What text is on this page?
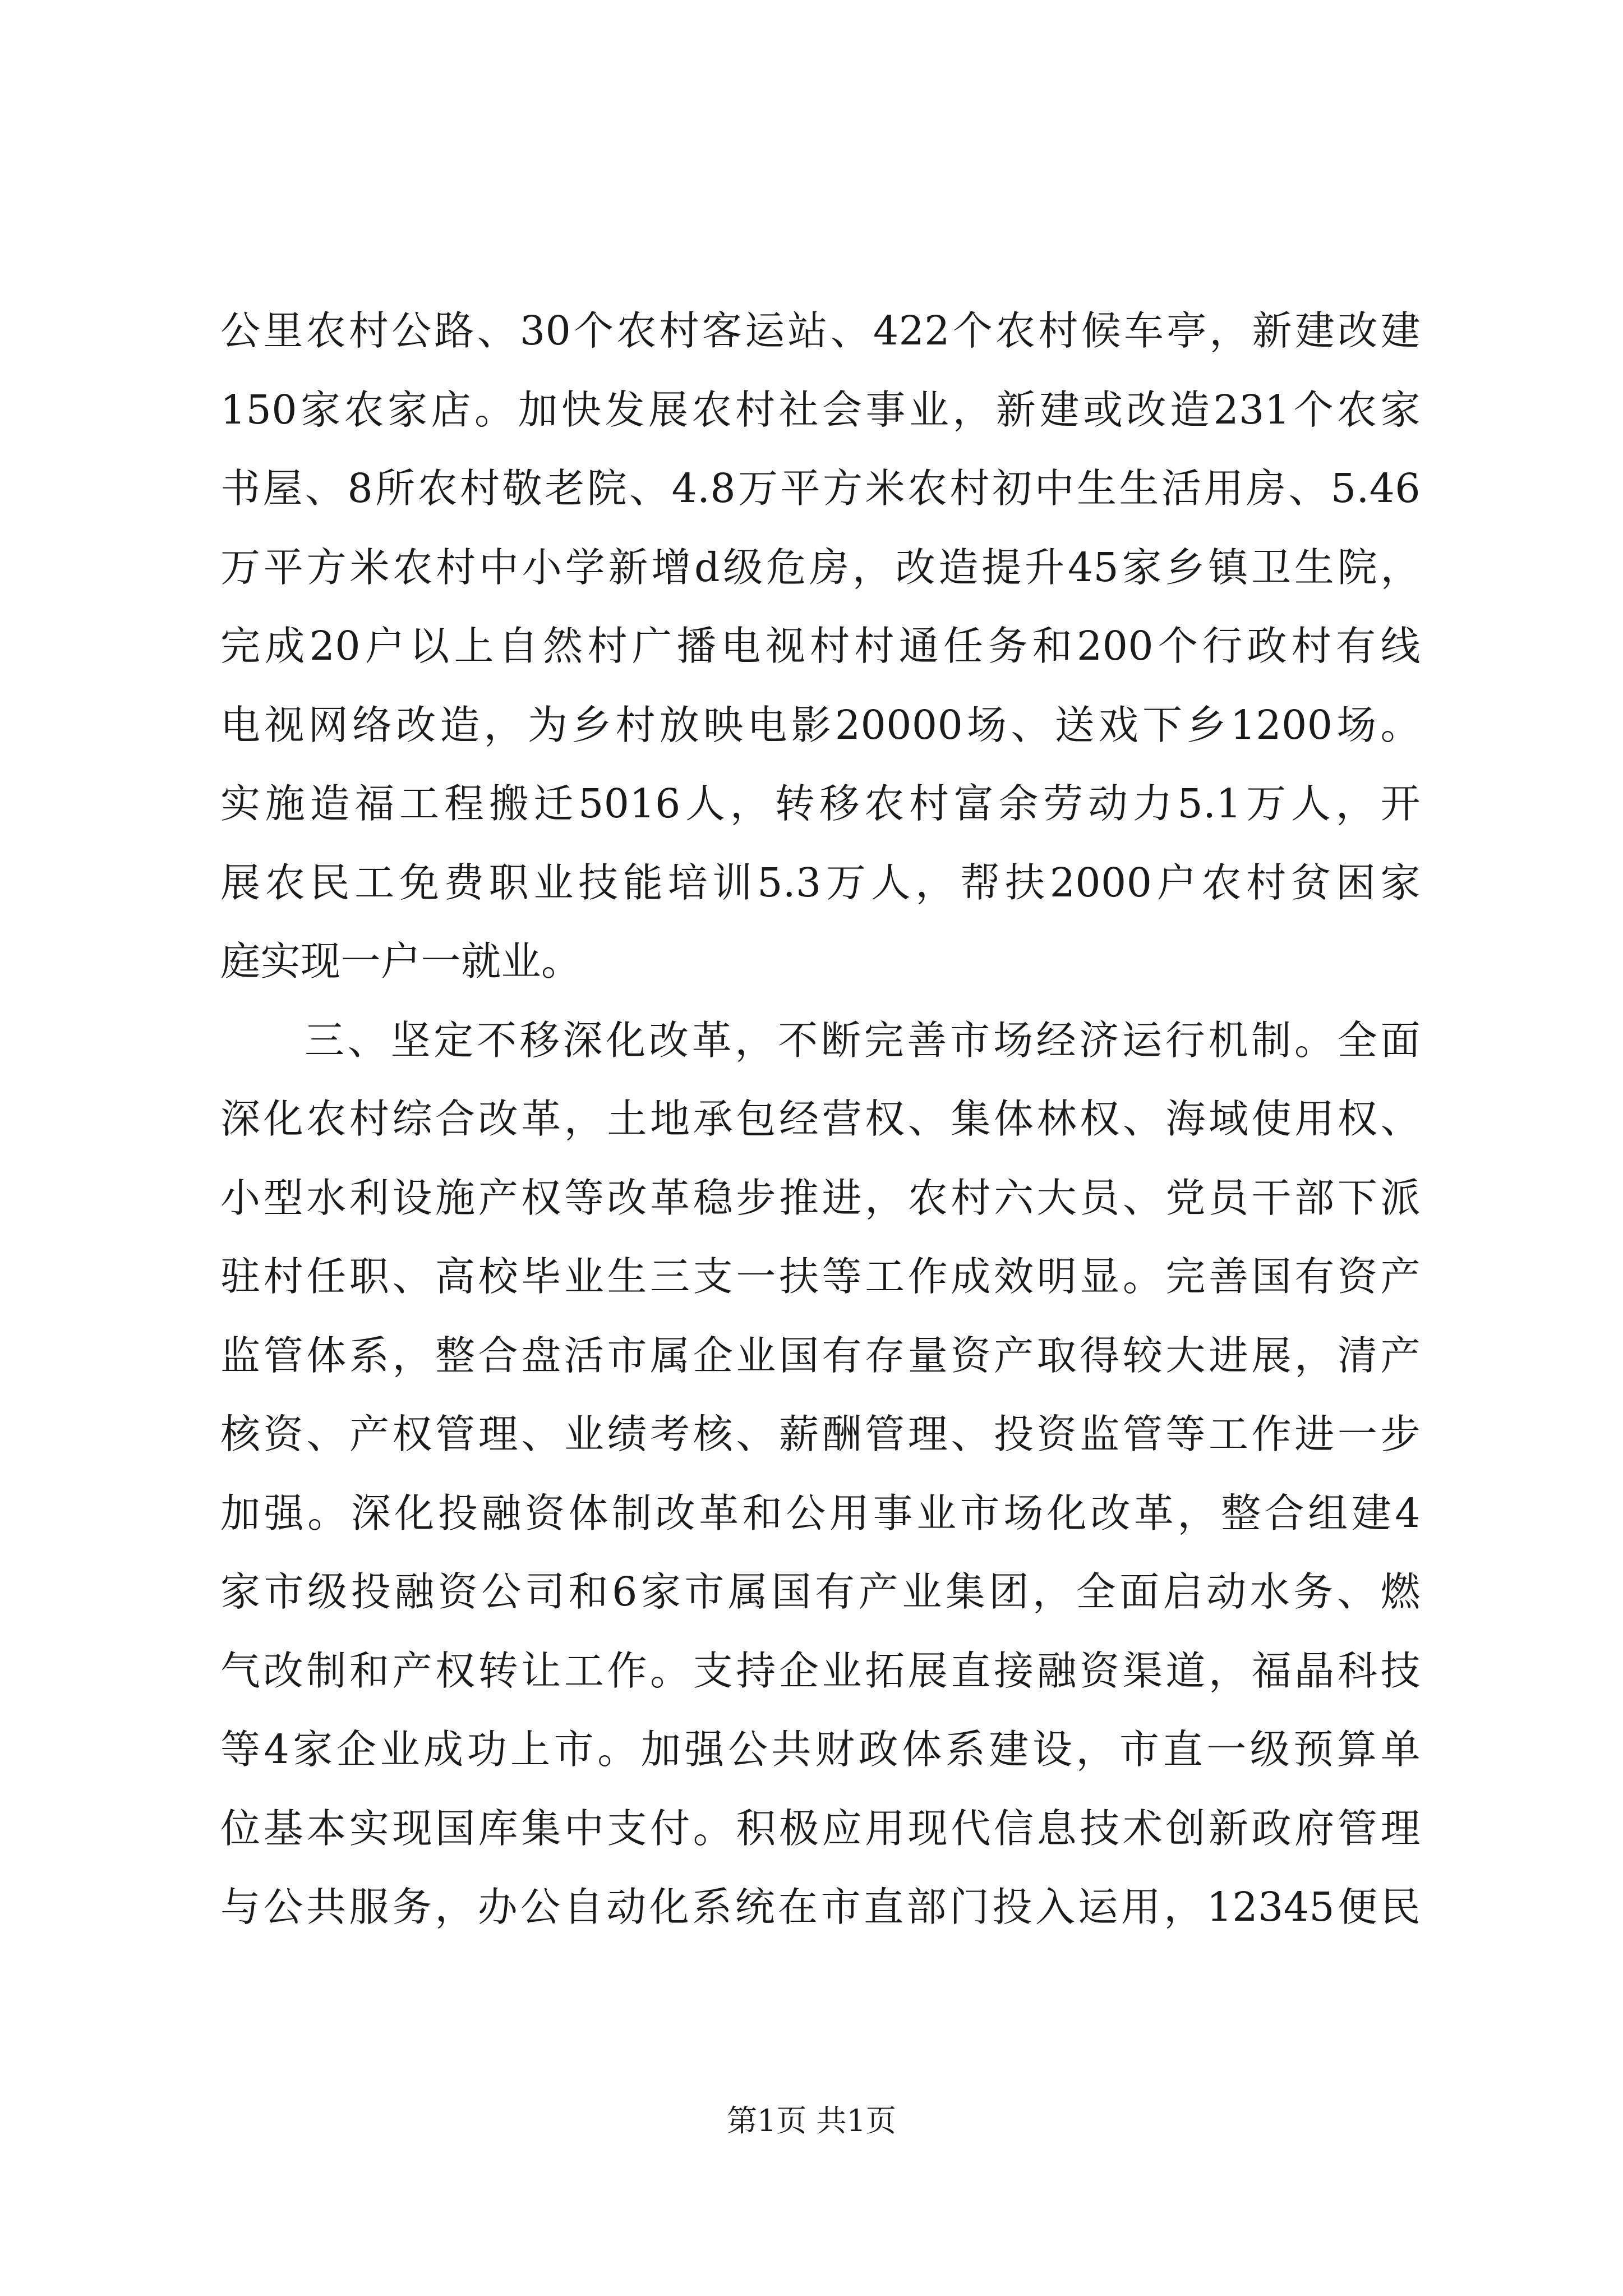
公里农村公路、30个农村客运站、422个农村候车亭，新建改建
150家农家店。加快发展农村社会事业，新建或改造231个农家
书屋、8所农村敬老院、4.8万平方米农村初中生生活用房、5.46
万平方米农村中小学新增d级危房，改造提升45家乡镇卫生院，
完成20户以上自然村广播电视村村通任务和200个行政村有线
电视网络改造，为乡村放映电影20000场、送戏下乡1200场。
实施造福工程搬迁5016人，转移农村富余劳动力5.1万人，开
展农民工免费职业技能培训5.3万人，帮扶2000户农村贫困家
庭实现一户一就业。
三、坚定不移深化改革，不断完善市场经济运行机制。全面
深化农村综合改革，土地承包经营权、集体林权、海域使用权、
小型水利设施产权等改革稳步推进，农村六大员、党员干部下派
驻村任职、高校毕业生三支一扶等工作成效明显。完善国有资产
监管体系，整合盘活市属企业国有存量资产取得较大进展，清产
核资、产权管理、业绩考核、薪酬管理、投资监管等工作进一步
加强。深化投融资体制改革和公用事业市场化改革，整合组建4
家市级投融资公司和6家市属国有产业集团，全面启动水务、燃
气改制和产权转让工作。支持企业拓展直接融资渠道，福晶科技
等4家企业成功上市。加强公共财政体系建设，市直一级预算单
位基本实现国库集中支付。积极应用现代信息技术创新政府管理
与公共服务，办公自动化系统在市直部门投入运用，12345便民
第1页 共1页
